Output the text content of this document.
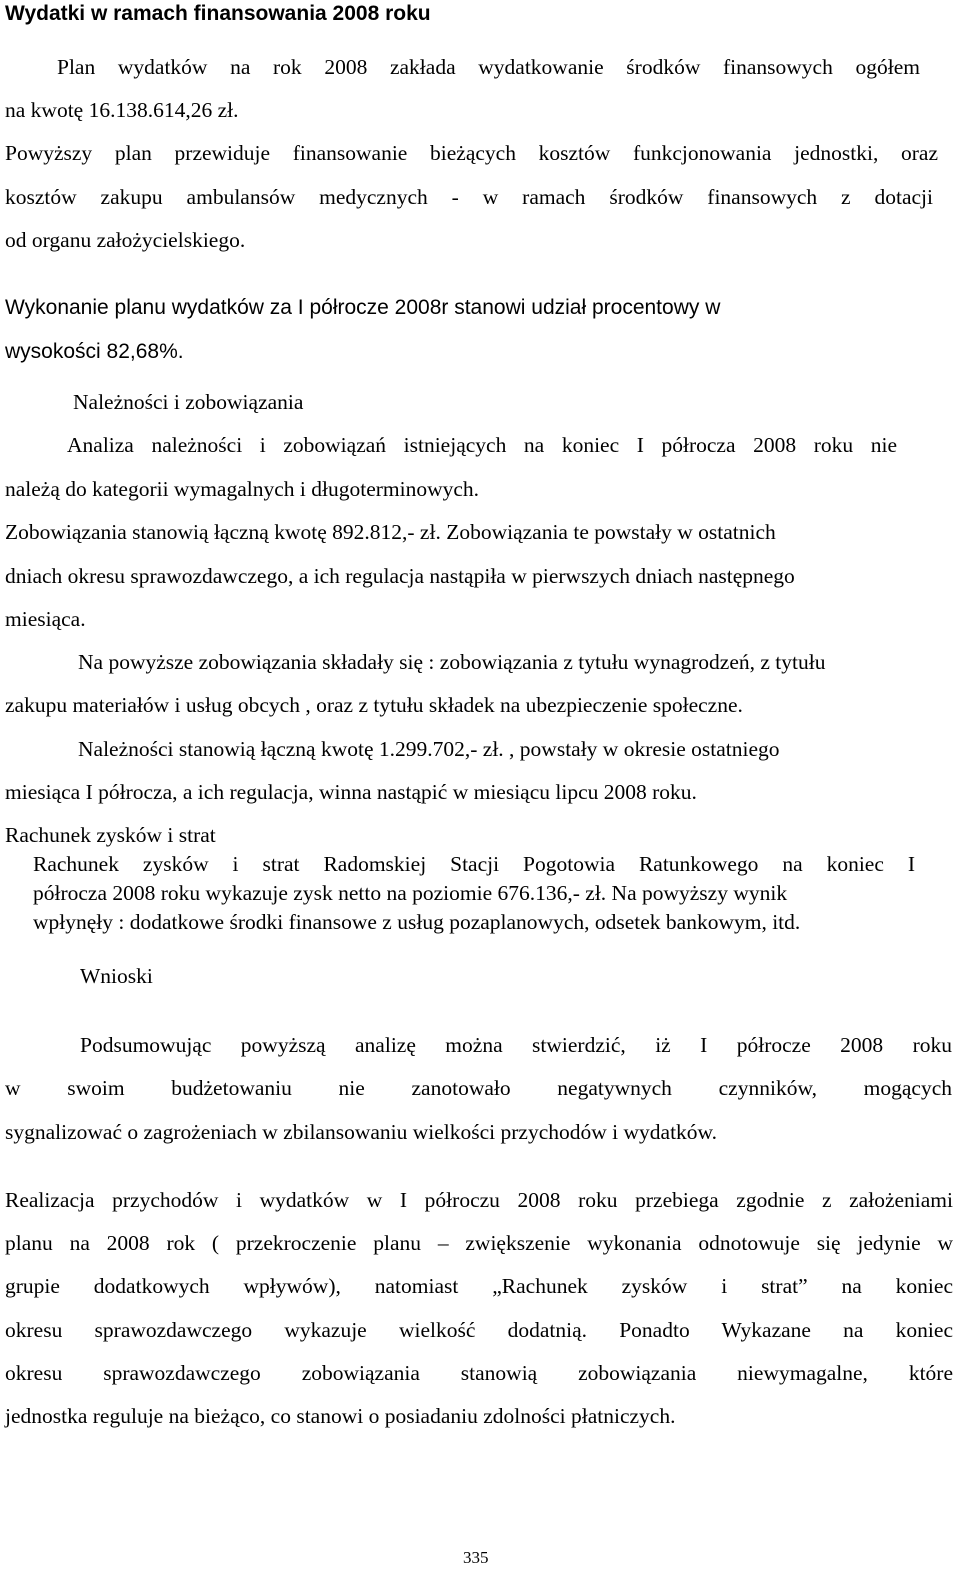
Wydatki w ramach finansowania 2008 roku
Plan wydatków na rok 2008 zakłada wydatkowanie środków finansowych ogółem
na kwotę 16.138.614,26 zł.
Powyższy plan przewiduje finansowanie bieżących kosztów funkcjonowania jednostki, oraz
kosztów zakupu ambulansów medycznych - w ramach środków finansowych z dotacji
od organu założycielskiego.
Wykonanie planu wydatków za I półrocze 2008r stanowi udział procentowy w
wysokości 82,68%.
Należności i zobowiązania
Analiza należności i zobowiązań istniejących na koniec I półrocza 2008 roku nie
należą do kategorii wymagalnych i długoterminowych.
Zobowiązania stanowią łączną kwotę 892.812,- zł. Zobowiązania te powstały w ostatnich
dniach okresu sprawozdawczego, a ich regulacja nastąpiła w pierwszych dniach następnego
miesiąca.
Na powyższe zobowiązania składały się : zobowiązania z tytułu wynagrodzeń, z tytułu
zakupu materiałów i usług obcych , oraz z tytułu składek na ubezpieczenie społeczne.
Należności stanowią łączną kwotę 1.299.702,- zł. , powstały w okresie ostatniego
miesiąca I półrocza, a ich regulacja, winna nastąpić w miesiącu lipcu 2008 roku.
Rachunek zysków i strat
Rachunek zysków i strat Radomskiej Stacji Pogotowia Ratunkowego na koniec I
półrocza 2008 roku wykazuje zysk netto na poziomie 676.136,- zł. Na powyższy wynik
wpłynęły : dodatkowe środki finansowe z usług pozaplanowych, odsetek bankowym, itd.
Wnioski
Podsumowując powyższą analizę można stwierdzić, iż I półrocze 2008 roku
w swoim budżetowaniu nie zanotowało negatywnych czynników, mogących
sygnalizować o zagrożeniach w zbilansowaniu wielkości przychodów i wydatków.
Realizacja przychodów i wydatków w I półroczu 2008 roku przebiega zgodnie z założeniami
planu na 2008 rok ( przekroczenie planu – zwiększenie wykonania odnotowuje się jedynie w
grupie dodatkowych wpływów), natomiast „Rachunek zysków i strat” na koniec
okresu sprawozdawczego wykazuje wielkość dodatnią. Ponadto Wykazane na koniec
okresu sprawozdawczego zobowiązania stanowią zobowiązania niewymagalne, które
jednostka reguluje na bieżąco, co stanowi o posiadaniu zdolności płatniczych.
335
